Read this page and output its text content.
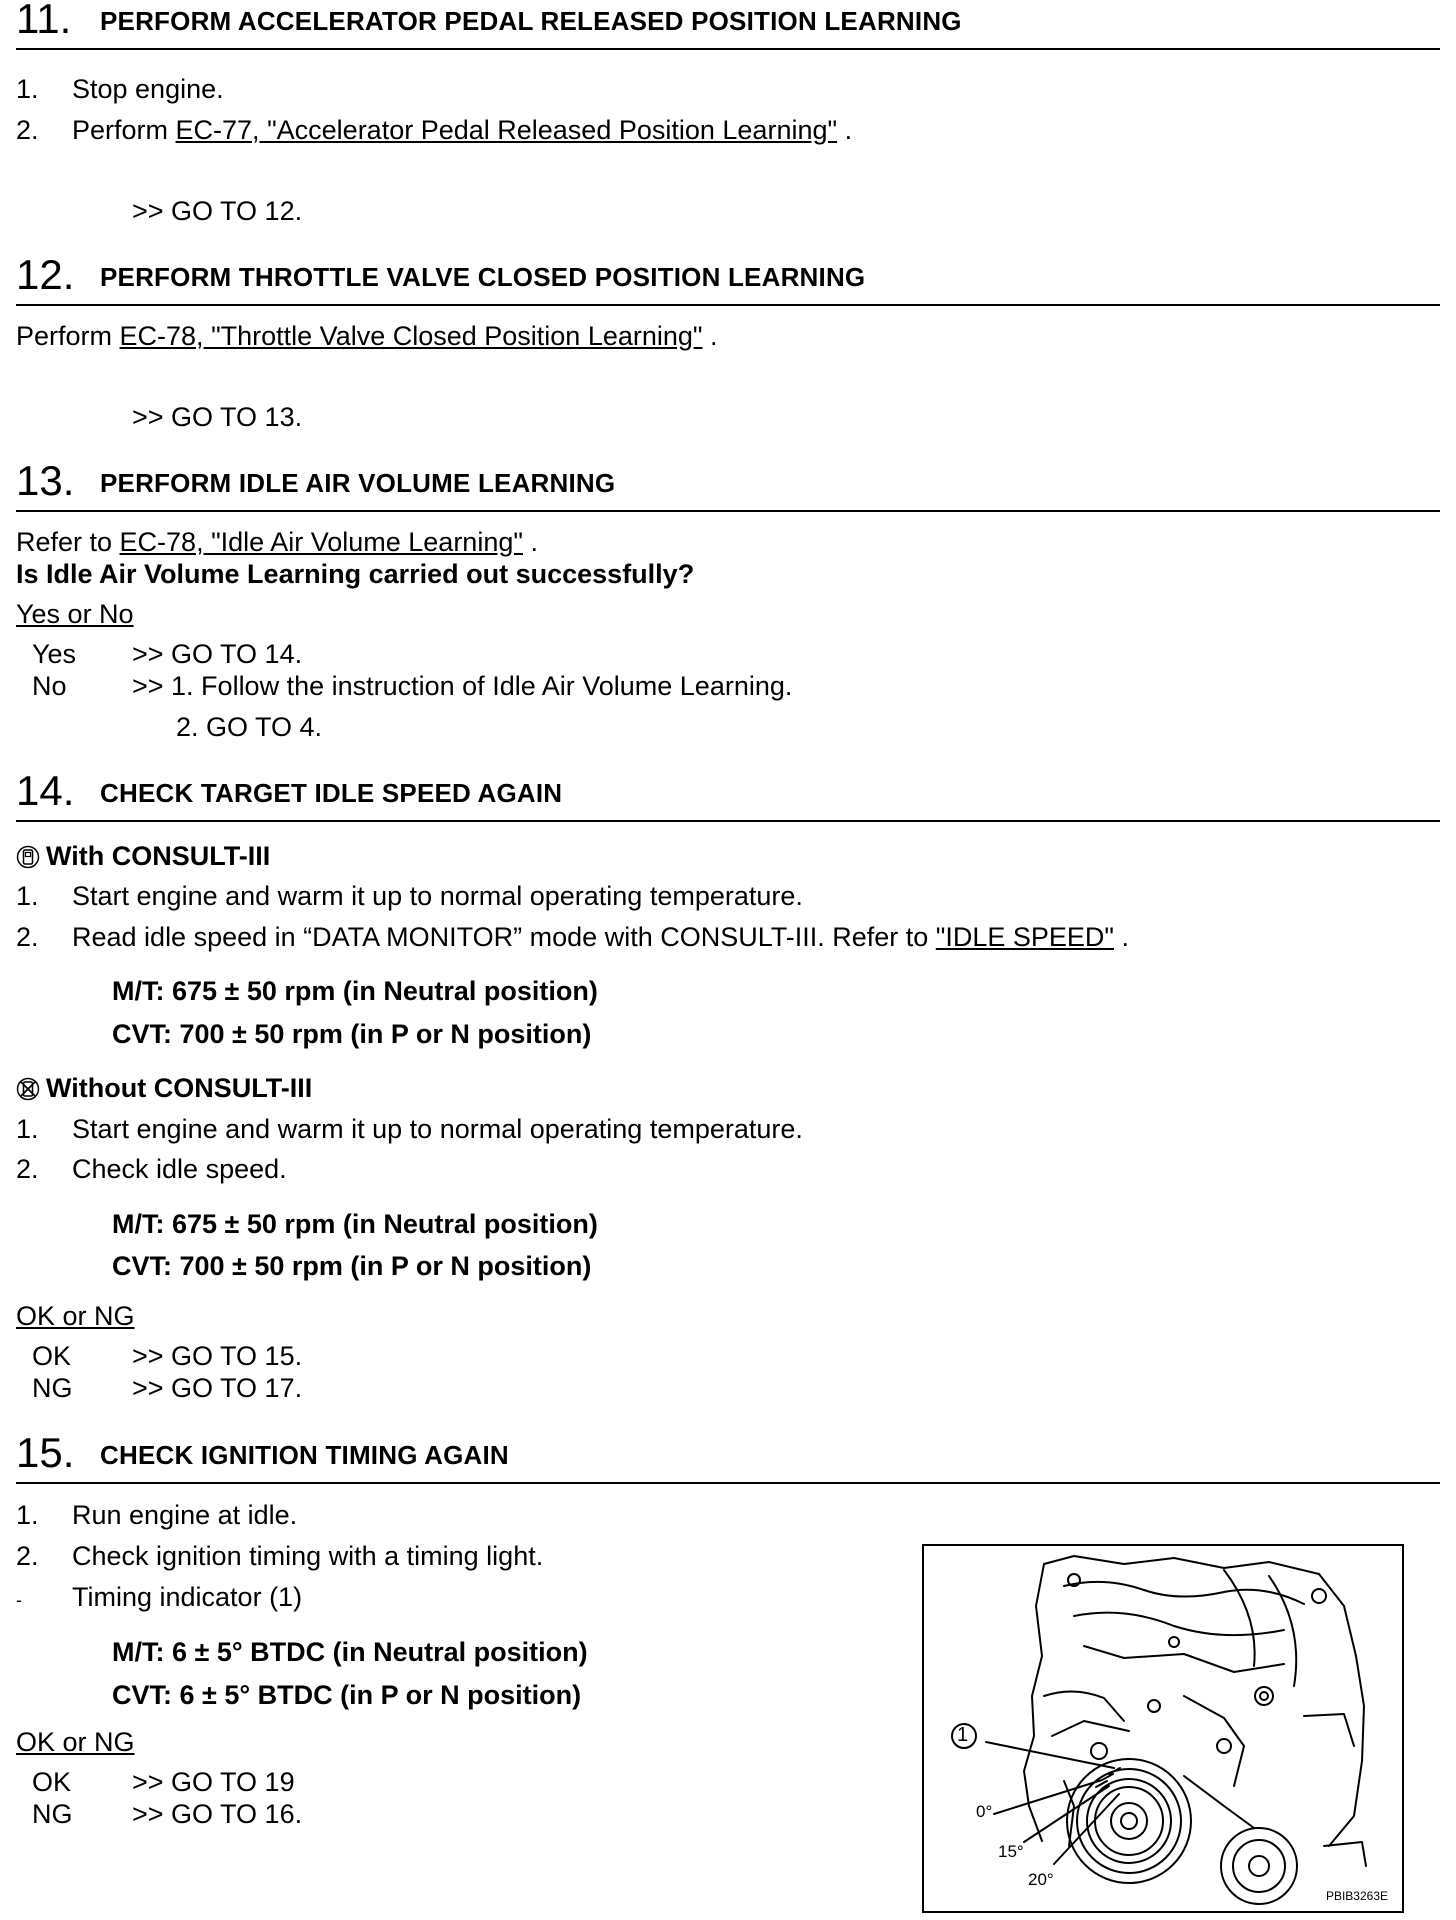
11. PERFORM ACCELERATOR PEDAL RELEASED POSITION LEARNING
1. Stop engine.
2. Perform EC-77, "Accelerator Pedal Released Position Learning" .
>> GO TO 12.
12. PERFORM THROTTLE VALVE CLOSED POSITION LEARNING
Perform EC-78, "Throttle Valve Closed Position Learning" .
>> GO TO 13.
13. PERFORM IDLE AIR VOLUME LEARNING
Refer to EC-78, "Idle Air Volume Learning" .
Is Idle Air Volume Learning carried out successfully?
Yes or No
Yes >> GO TO 14.
No >> 1. Follow the instruction of Idle Air Volume Learning.
2. GO TO 4.
14. CHECK TARGET IDLE SPEED AGAIN
With CONSULT-III
1. Start engine and warm it up to normal operating temperature.
2. Read idle speed in “DATA MONITOR” mode with CONSULT-III. Refer to "IDLE SPEED" .
M/T: 675 ± 50 rpm (in Neutral position)
CVT: 700 ± 50 rpm (in P or N position)
Without CONSULT-III
1. Start engine and warm it up to normal operating temperature.
2. Check idle speed.
M/T: 675 ± 50 rpm (in Neutral position)
CVT: 700 ± 50 rpm (in P or N position)
OK or NG
OK >> GO TO 15.
NG >> GO TO 17.
15. CHECK IGNITION TIMING AGAIN
1. Run engine at idle.
2. Check ignition timing with a timing light.
- Timing indicator (1)
M/T: 6 ± 5° BTDC (in Neutral position)
CVT: 6 ± 5° BTDC (in P or N position)
OK or NG
OK >> GO TO 19
NG >> GO TO 16.
1
0°
15°
20°
PBIB3263E
